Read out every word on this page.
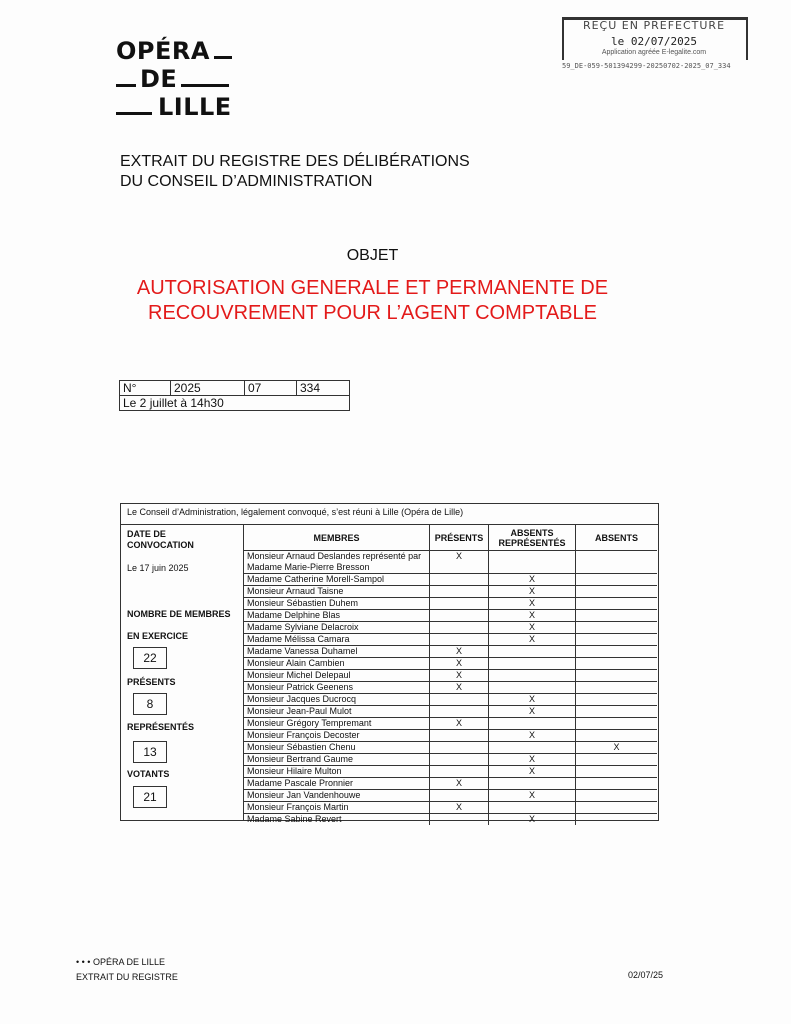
OPÉRA
DE
LILLE
REÇU EN PREFECTURE
le 02/07/2025
Application agréée E-legalite.com
59_DE-059-501394299-20250702-2025_07_334
EXTRAIT DU REGISTRE DES DÉLIBÉRATIONS
DU CONSEIL D’ADMINISTRATION
OBJET
AUTORISATION GENERALE ET PERMANENTE DE
RECOUVREMENT POUR L’AGENT COMPTABLE
N°	2025	07	334
Le 2 juillet à 14h30
Le Conseil d’Administration, légalement convoqué, s’est réuni à Lille (Opéra de Lille)
DATE DE CONVOCATION
Le 17 juin 2025
NOMBRE DE MEMBRES
EN EXERCICE
22
PRÉSENTS
8
REPRÉSENTÉS
13
VOTANTS
21
MEMBRES	PRÉSENTS	ABSENTS REPRÉSENTÉS	ABSENTS
Monsieur Arnaud Deslandes représenté par Madame Marie-Pierre Bresson	X		
Madame Catherine Morell-Sampol		X	
Monsieur Arnaud Taisne		X	
Monsieur Sébastien Duhem		X	
Madame Delphine Blas		X	
Madame Sylviane Delacroix		X	
Madame Mélissa Camara		X	
Madame Vanessa Duhamel	X		
Monsieur Alain Cambien	X		
Monsieur Michel Delepaul	X		
Monsieur Patrick Geenens	X		
Monsieur Jacques Ducrocq		X	
Monsieur Jean-Paul Mulot		X	
Monsieur Grégory Tempremant	X		
Monsieur François Decoster		X	
Monsieur Sébastien Chenu			X
Monsieur Bertrand Gaume		X	
Monsieur Hilaire Multon		X	
Madame Pascale Pronnier	X		
Monsieur Jan Vandenhouwe		X	
Monsieur François Martin	X		
Madame Sabine Revert		X	
• • • OPÉRA DE LILLE
EXTRAIT DU REGISTRE	02/07/25
